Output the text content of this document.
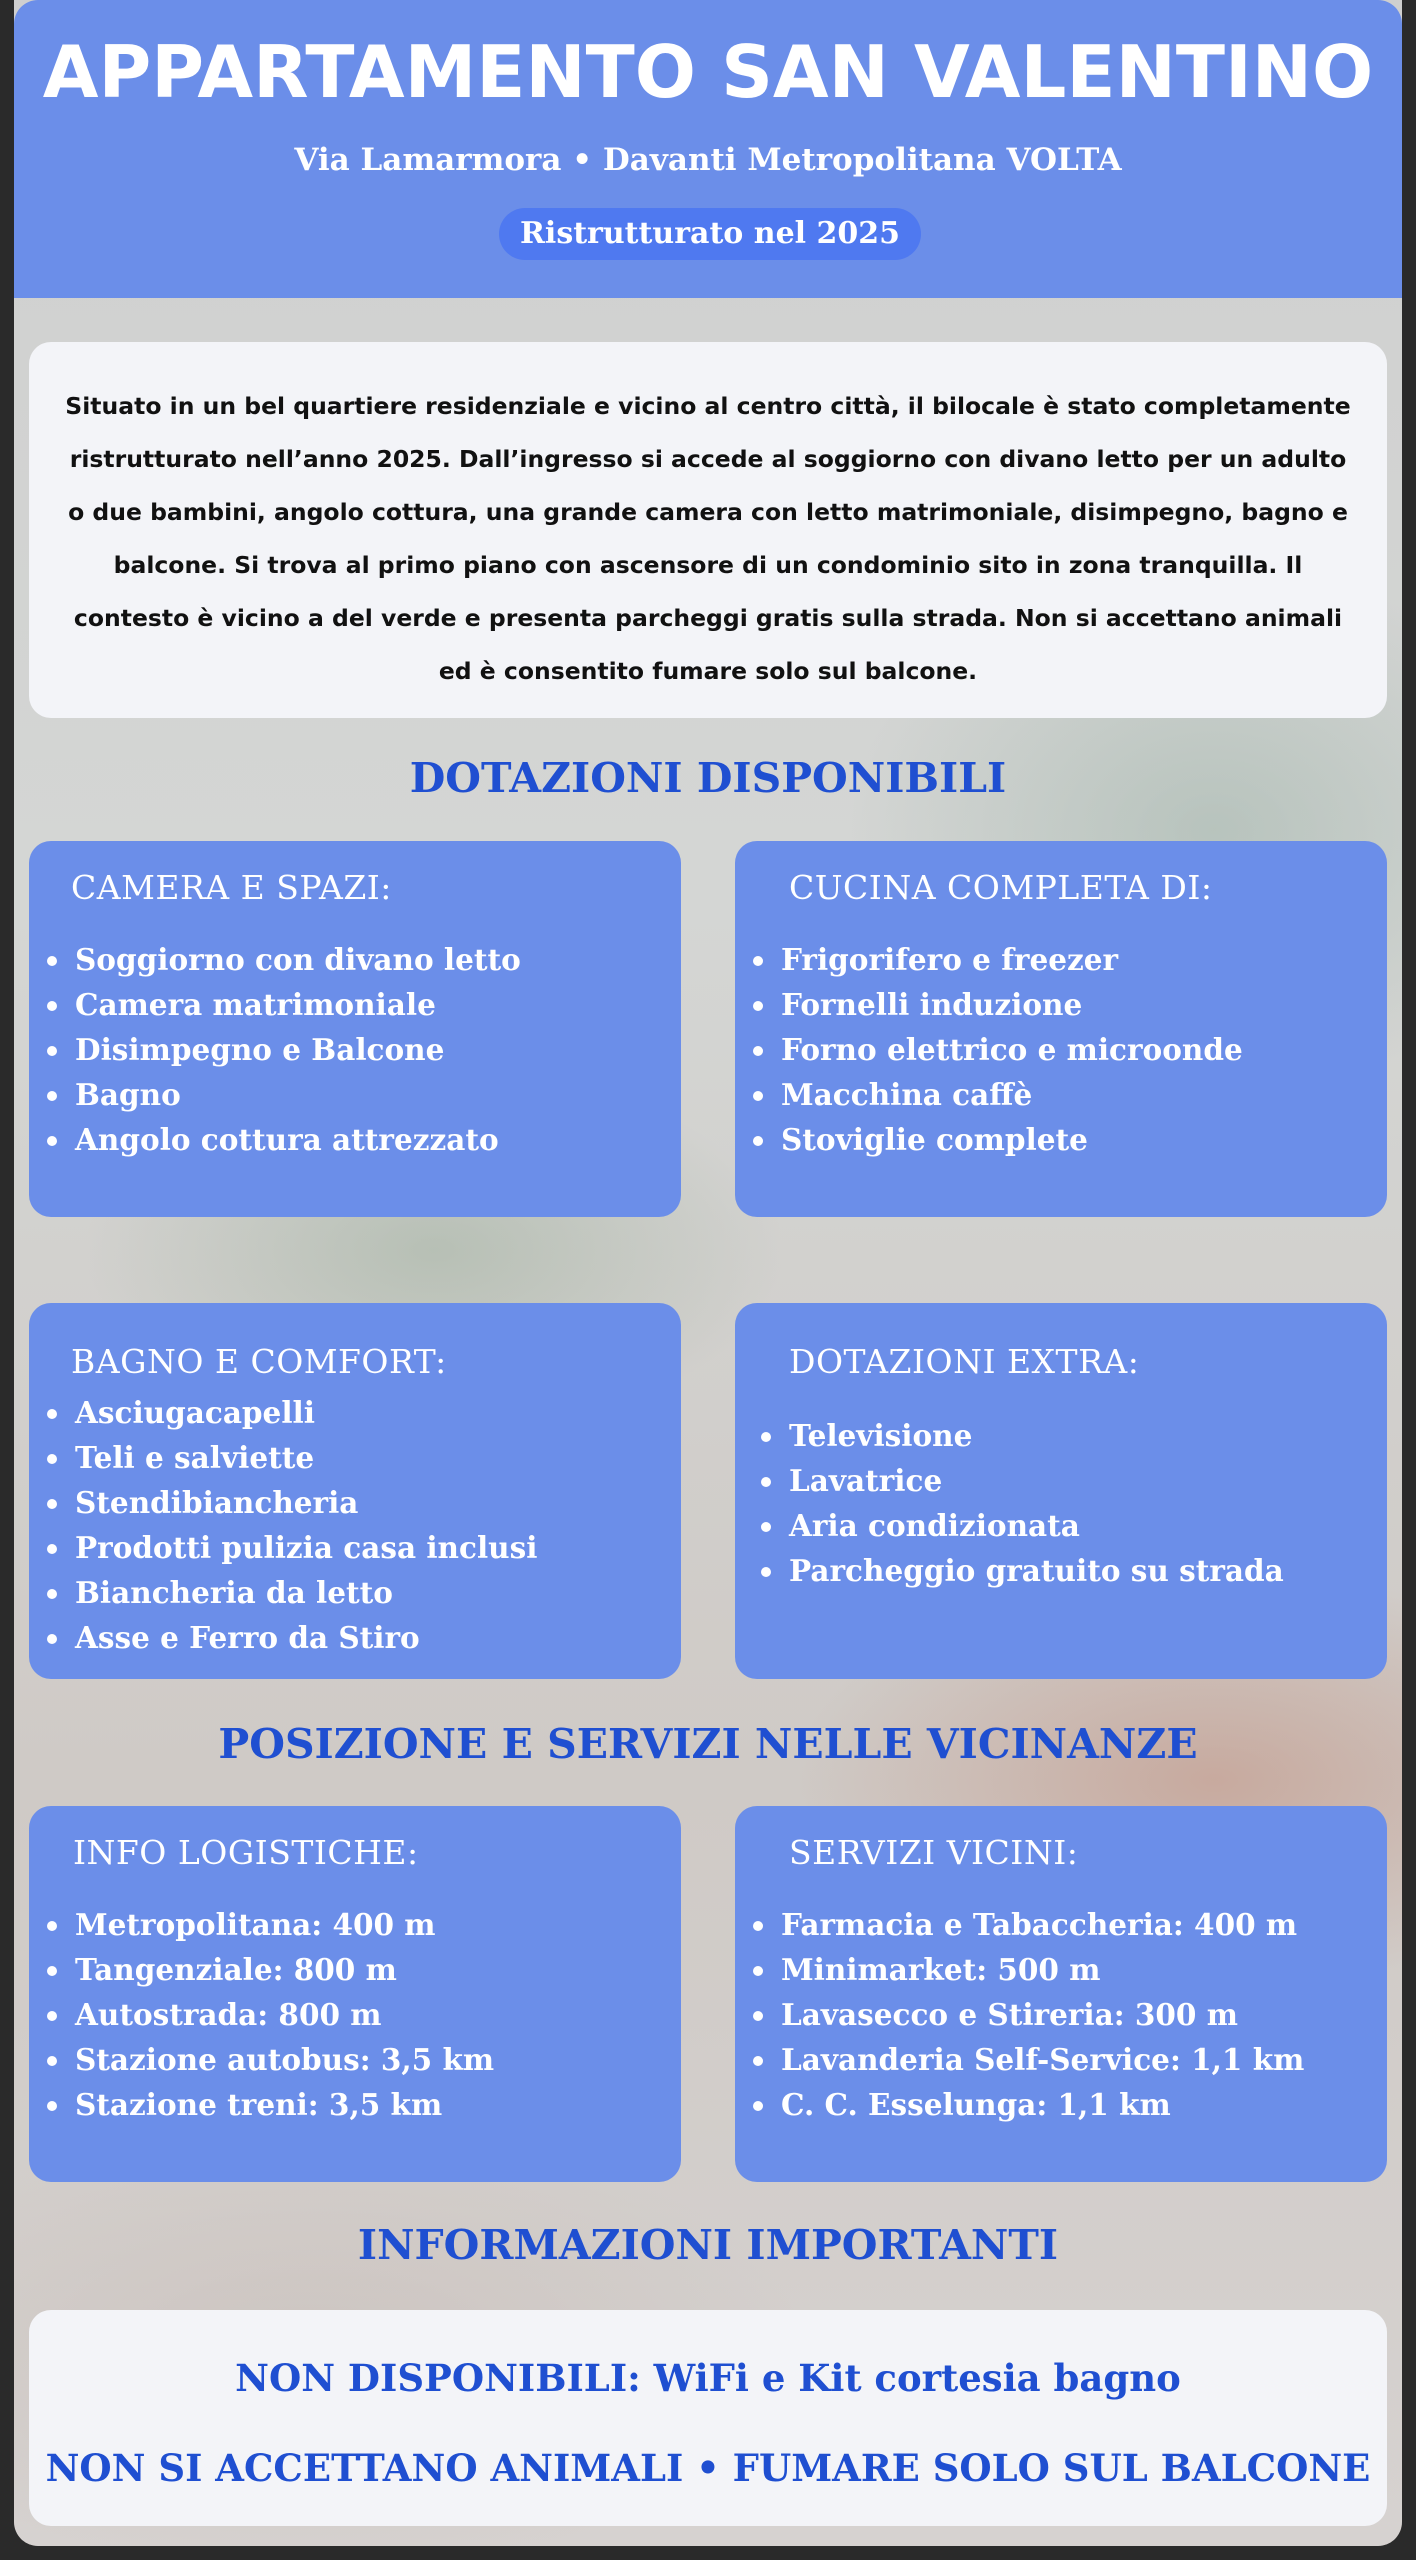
APPARTAMENTO SAN VALENTINO
Via Lamarmora • Davanti Metropolitana VOLTA
Ristrutturato nel 2025
Situato in un bel quartiere residenziale e vicino al centro città, il bilocale è stato completamente ristrutturato nell’anno 2025. Dall’ingresso si accede al soggiorno con divano letto per un adulto o due bambini, angolo cottura, una grande camera con letto matrimoniale, disimpegno, bagno e balcone. Si trova al primo piano con ascensore di un condominio sito in zona tranquilla. Il contesto è vicino a del verde e presenta parcheggi gratis sulla strada. Non si accettano animali ed è consentito fumare solo sul balcone.
DOTAZIONI DISPONIBILI
CAMERA E SPAZI:
Soggiorno con divano letto
Camera matrimoniale
Disimpegno e Balcone
Bagno
Angolo cottura attrezzato
CUCINA COMPLETA DI:
Frigorifero e freezer
Fornelli induzione
Forno elettrico e microonde
Macchina caffè
Stoviglie complete
BAGNO E COMFORT:
Asciugacapelli
Teli e salviette
Stendibiancheria
Prodotti pulizia casa inclusi
Biancheria da letto
Asse e Ferro da Stiro
DOTAZIONI EXTRA:
Televisione
Lavatrice
Aria condizionata
Parcheggio gratuito su strada
POSIZIONE E SERVIZI NELLE VICINANZE
INFO LOGISTICHE:
Metropolitana: 400 m
Tangenziale: 800 m
Autostrada: 800 m
Stazione autobus: 3,5 km
Stazione treni: 3,5 km
SERVIZI VICINI:
Farmacia e Tabaccheria: 400 m
Minimarket: 500 m
Lavasecco e Stireria: 300 m
Lavanderia Self-Service: 1,1 km
C. C. Esselunga: 1,1 km
INFORMAZIONI IMPORTANTI
NON DISPONIBILI: WiFi e Kit cortesia bagno
NON SI ACCETTANO ANIMALI • FUMARE SOLO SUL BALCONE
